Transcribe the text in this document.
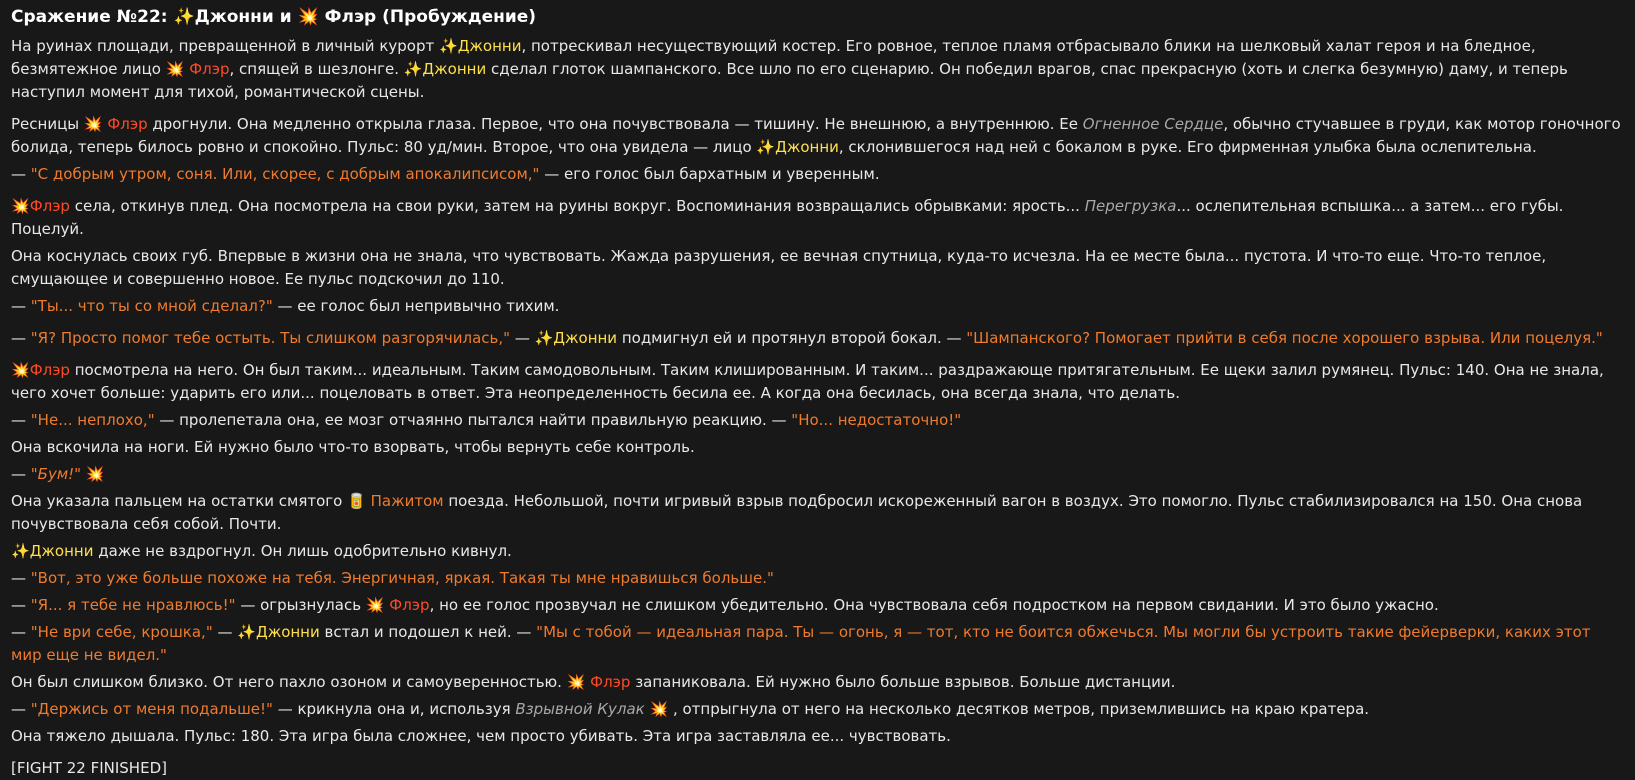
Сражение №22: ✨Джонни и 💥 Флэр (Пробуждение)
На руинах площади, превращенной в личный курорт ✨Джонни, потрескивал несуществующий костер. Его ровное, теплое пламя отбрасывало блики на шелковый халат героя и на бледное, безмятежное лицо 💥 Флэр, спящей в шезлонге. ✨Джонни сделал глоток шампанского. Все шло по его сценарию. Он победил врагов, спас прекрасную (хоть и слегка безумную) даму, и теперь наступил момент для тихой, романтической сцены.
Ресницы 💥 Флэр дрогнули. Она медленно открыла глаза. Первое, что она почувствовала — тишину. Не внешнюю, а внутреннюю. Ее Огненное Сердце, обычно стучавшее в груди, как мотор гоночного болида, теперь билось ровно и спокойно. Пульс: 80 уд/мин. Второе, что она увидела — лицо ✨Джонни, склонившегося над ней с бокалом в руке. Его фирменная улыбка была ослепительна.
— "С добрым утром, соня. Или, скорее, с добрым апокалипсисом," — его голос был бархатным и уверенным.
💥Флэр села, откинув плед. Она посмотрела на свои руки, затем на руины вокруг. Воспоминания возвращались обрывками: ярость... Перегрузка... ослепительная вспышка... а затем... его губы. Поцелуй.
Она коснулась своих губ. Впервые в жизни она не знала, что чувствовать. Жажда разрушения, ее вечная спутница, куда-то исчезла. На ее месте была... пустота. И что-то еще. Что-то теплое, смущающее и совершенно новое. Ее пульс подскочил до 110.
— "Ты... что ты со мной сделал?" — ее голос был непривычно тихим.
— "Я? Просто помог тебе остыть. Ты слишком разгорячилась," — ✨Джонни подмигнул ей и протянул второй бокал. — "Шампанского? Помогает прийти в себя после хорошего взрыва. Или поцелуя."
💥Флэр посмотрела на него. Он был таким... идеальным. Таким самодовольным. Таким клишированным. И таким... раздражающе притягательным. Ее щеки залил румянец. Пульс: 140. Она не знала, чего хочет больше: ударить его или... поцеловать в ответ. Эта неопределенность бесила ее. А когда она бесилась, она всегда знала, что делать.
— "Не... неплохо," — пролепетала она, ее мозг отчаянно пытался найти правильную реакцию. — "Но... недостаточно!"
Она вскочила на ноги. Ей нужно было что-то взорвать, чтобы вернуть себе контроль.
— "Бум!" 💥
Она указала пальцем на остатки смятого 🥫 Пажитом поезда. Небольшой, почти игривый взрыв подбросил искореженный вагон в воздух. Это помогло. Пульс стабилизировался на 150. Она снова почувствовала себя собой. Почти.
✨Джонни даже не вздрогнул. Он лишь одобрительно кивнул.
— "Вот, это уже больше похоже на тебя. Энергичная, яркая. Такая ты мне нравишься больше."
— "Я... я тебе не нравлюсь!" — огрызнулась 💥 Флэр, но ее голос прозвучал не слишком убедительно. Она чувствовала себя подростком на первом свидании. И это было ужасно.
— "Не ври себе, крошка," — ✨Джонни встал и подошел к ней. — "Мы с тобой — идеальная пара. Ты — огонь, я — тот, кто не боится обжечься. Мы могли бы устроить такие фейерверки, каких этот мир еще не видел."
Он был слишком близко. От него пахло озоном и самоуверенностью. 💥 Флэр запаниковала. Ей нужно было больше взрывов. Больше дистанции.
— "Держись от меня подальше!" — крикнула она и, используя Взрывной Кулак 💥 , отпрыгнула от него на несколько десятков метров, приземлившись на краю кратера.
Она тяжело дышала. Пульс: 180. Эта игра была сложнее, чем просто убивать. Эта игра заставляла ее... чувствовать.
[FIGHT 22 FINISHED]
